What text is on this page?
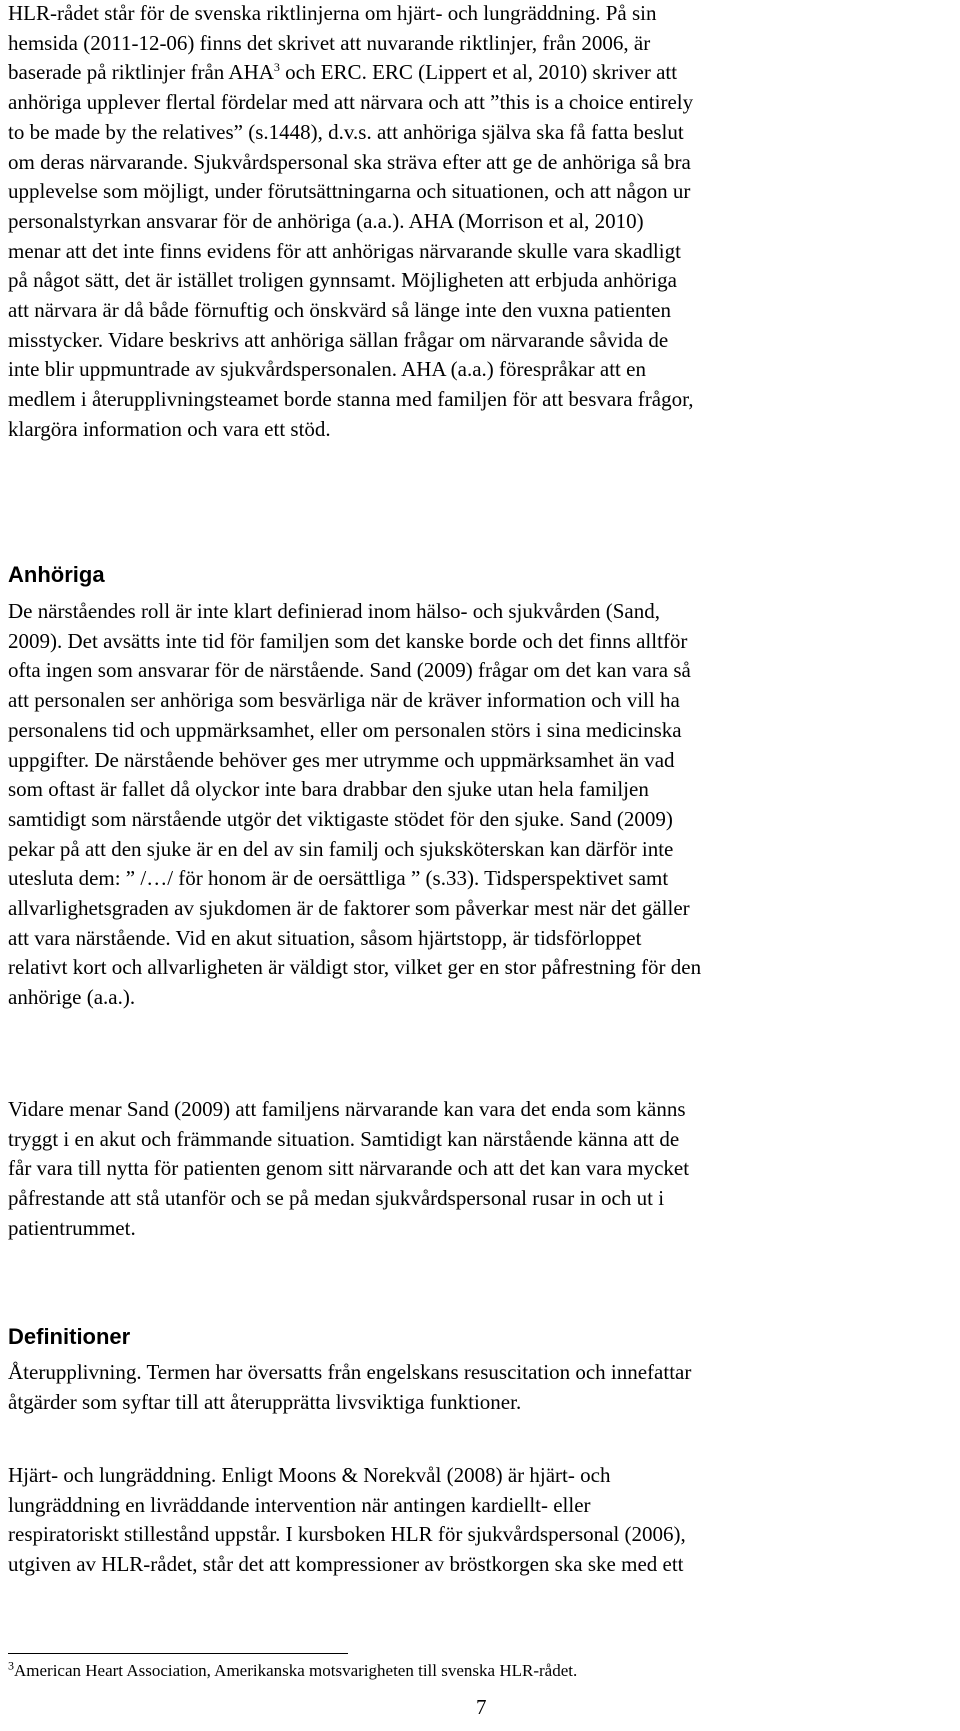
HLR-rådet står för de svenska riktlinjerna om hjärt- och lungräddning. På sin
hemsida (2011-12-06) finns det skrivet att nuvarande riktlinjer, från 2006, är
baserade på riktlinjer från AHA$^3$ och ERC. ERC (Lippert et al, 2010) skriver att
anhöriga upplever flertal fördelar med att närvara och att ”this is a choice entirely
to be made by the relatives” (s.1448), d.v.s. att anhöriga själva ska få fatta beslut
om deras närvarande. Sjukvårdspersonal ska sträva efter att ge de anhöriga så bra
upplevelse som möjligt, under förutsättningarna och situationen, och att någon ur
personalstyrkan ansvarar för de anhöriga (a.a.). AHA (Morrison et al, 2010)
menar att det inte finns evidens för att anhörigas närvarande skulle vara skadligt
på något sätt, det är istället troligen gynnsamt. Möjligheten att erbjuda anhöriga
att närvara är då både förnuftig och önskvärd så länge inte den vuxna patienten
misstycker. Vidare beskrivs att anhöriga sällan frågar om närvarande såvida de
inte blir uppmuntrade av sjukvårdspersonalen. AHA (a.a.) förespråkar att en
medlem i återupplivningsteamet borde stanna med familjen för att besvara frågor,
klargöra information och vara ett stöd.
Anhöriga
De närståendes roll är inte klart definierad inom hälso- och sjukvården (Sand,
2009). Det avsätts inte tid för familjen som det kanske borde och det finns alltför
ofta ingen som ansvarar för de närstående. Sand (2009) frågar om det kan vara så
att personalen ser anhöriga som besvärliga när de kräver information och vill ha
personalens tid och uppmärksamhet, eller om personalen störs i sina medicinska
uppgifter. De närstående behöver ges mer utrymme och uppmärksamhet än vad
som oftast är fallet då olyckor inte bara drabbar den sjuke utan hela familjen
samtidigt som närstående utgör det viktigaste stödet för den sjuke. Sand (2009)
pekar på att den sjuke är en del av sin familj och sjuksköterskan kan därför inte
utesluta dem: ” /…/ för honom är de oersättliga ” (s.33). Tidsperspektivet samt
allvarlighetsgraden av sjukdomen är de faktorer som påverkar mest när det gäller
att vara närstående. Vid en akut situation, såsom hjärtstopp, är tidsförloppet
relativt kort och allvarligheten är väldigt stor, vilket ger en stor påfrestning för den
anhörige (a.a.).
Vidare menar Sand (2009) att familjens närvarande kan vara det enda som känns
tryggt i en akut och främmande situation. Samtidigt kan närstående känna att de
får vara till nytta för patienten genom sitt närvarande och att det kan vara mycket
påfrestande att stå utanför och se på medan sjukvårdspersonal rusar in och ut i
patientrummet.
Definitioner
Återupplivning. Termen har översatts från engelskans resuscitation och innefattar
åtgärder som syftar till att återupprätta livsviktiga funktioner.
Hjärt- och lungräddning. Enligt Moons & Norekvål (2008) är hjärt- och
lungräddning en livräddande intervention när antingen kardiellt- eller
respiratoriskt stillestånd uppstår. I kursboken HLR för sjukvårdspersonal (2006),
utgiven av HLR-rådet, står det att kompressioner av bröstkorgen ska ske med ett

$^3$American Heart Association, Amerikanska motsvarigheten till svenska HLR-rådet.

7
